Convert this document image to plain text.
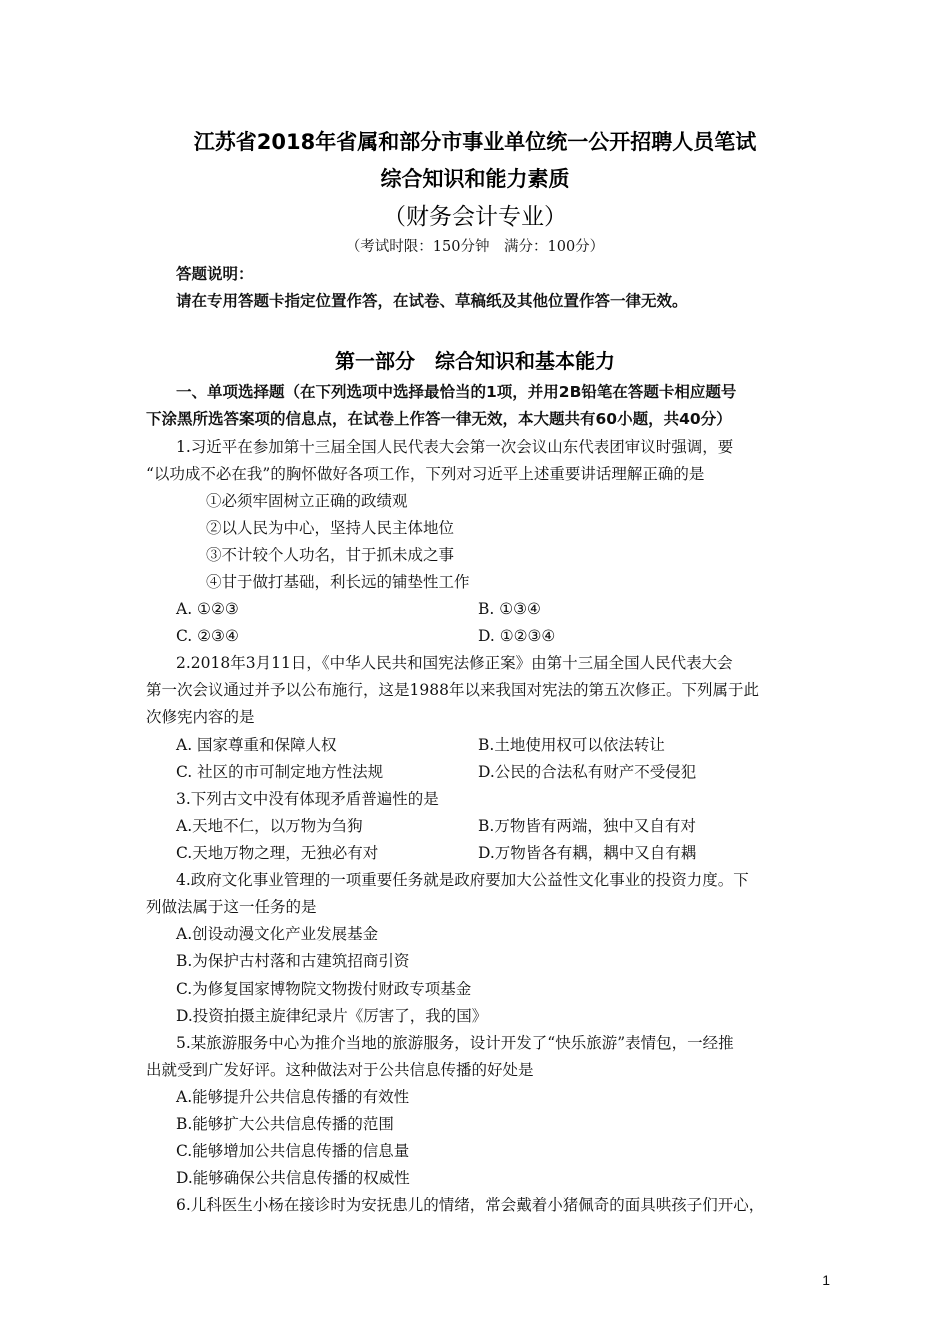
江苏省2018年省属和部分市事业单位统一公开招聘人员笔试
综合知识和能力素质
（财务会计专业）
（考试时限：150分钟　满分：100分）
答题说明：
请在专用答题卡指定位置作答，在试卷、草稿纸及其他位置作答一律无效。
第一部分　综合知识和基本能力
一、单项选择题（在下列选项中选择最恰当的1项，并用2B铅笔在答题卡相应题号
下涂黑所选答案项的信息点，在试卷上作答一律无效，本大题共有60小题，共40分）
1.习近平在参加第十三届全国人民代表大会第一次会议山东代表团审议时强调，要
“以功成不必在我”的胸怀做好各项工作，下列对习近平上述重要讲话理解正确的是
①必须牢固树立正确的政绩观
②以人民为中心，坚持人民主体地位
③不计较个人功名，甘于抓未成之事
④甘于做打基础，利长远的铺垫性工作
A. ①②③	B. ①③④
C. ②③④	D. ①②③④
2.2018年3月11日，《中华人民共和国宪法修正案》由第十三届全国人民代表大会
第一次会议通过并予以公布施行，这是1988年以来我国对宪法的第五次修正。下列属于此
次修宪内容的是
A. 国家尊重和保障人权	B.土地使用权可以依法转让
C. 社区的市可制定地方性法规	D.公民的合法私有财产不受侵犯
3.下列古文中没有体现矛盾普遍性的是
A.天地不仁，以万物为刍狗	B.万物皆有两端，独中又自有对
C.天地万物之理，无独必有对	D.万物皆各有耦，耦中又自有耦
4.政府文化事业管理的一项重要任务就是政府要加大公益性文化事业的投资力度。下
列做法属于这一任务的是
A.创设动漫文化产业发展基金
B.为保护古村落和古建筑招商引资
C.为修复国家博物院文物拨付财政专项基金
D.投资拍摄主旋律纪录片《厉害了，我的国》
5.某旅游服务中心为推介当地的旅游服务，设计开发了“快乐旅游”表情包，一经推
出就受到广发好评。这种做法对于公共信息传播的好处是
A.能够提升公共信息传播的有效性
B.能够扩大公共信息传播的范围
C.能够增加公共信息传播的信息量
D.能够确保公共信息传播的权威性
6.儿科医生小杨在接诊时为安抚患儿的情绪，常会戴着小猪佩奇的面具哄孩子们开心，
1
